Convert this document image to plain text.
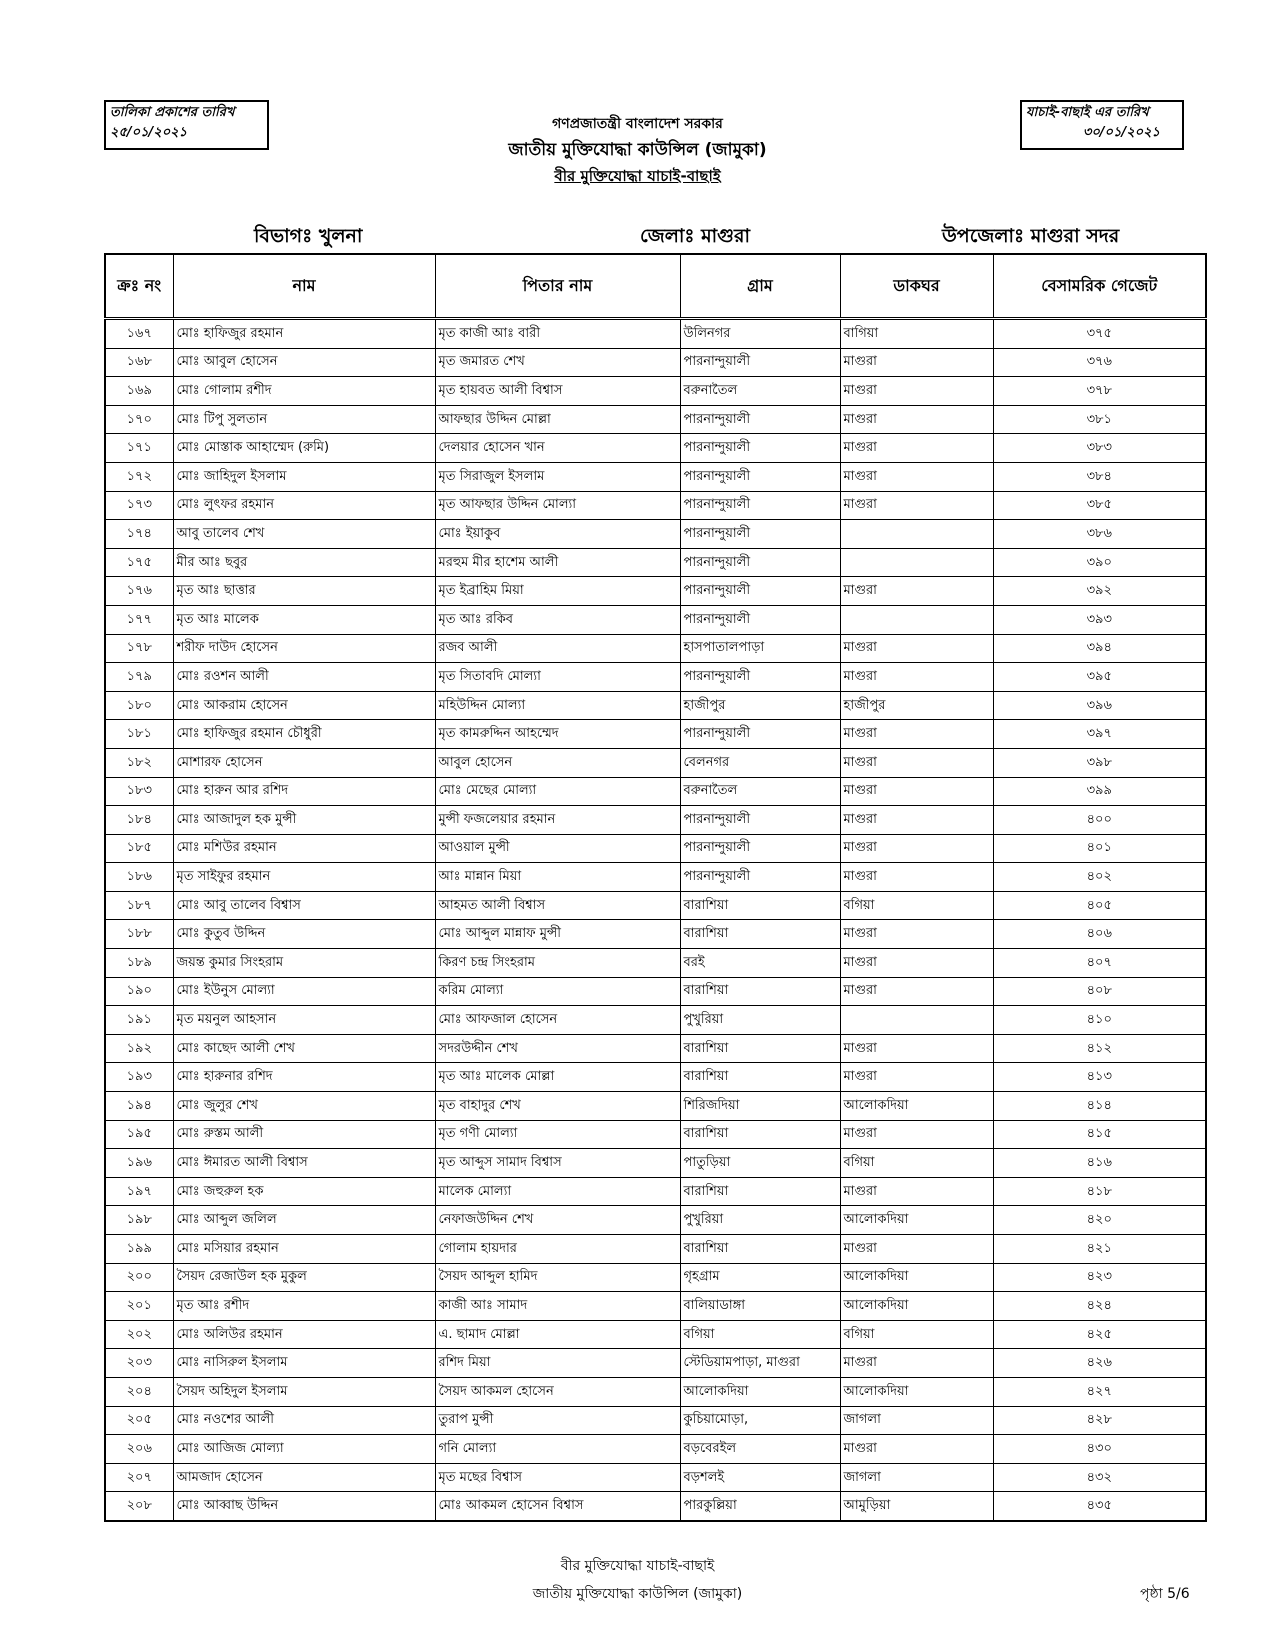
তালিকা প্রকাশের তারিখ
২৫/০১/২০২১
যাচাই-বাছাই এর তারিখ
৩০/০১/২০২১
গণপ্রজাতন্ত্রী বাংলাদেশ সরকার
জাতীয় মুক্তিযোদ্ধা কাউন্সিল (জামুকা)
বীর মুক্তিযোদ্ধা যাচাই-বাছাই
বিভাগঃ খুলনা	জেলাঃ মাগুরা	উপজেলাঃ মাগুরা সদর
ক্রঃ নং	নাম	পিতার নাম	গ্রাম	ডাকঘর	বেসামরিক গেজেট
১৬৭	মোঃ হাফিজুর রহমান	মৃত কাজী আঃ বারী	উলিনগর	বাগিয়া	৩৭৫
১৬৮	মোঃ আবুল হোসেন	মৃত জমারত শেখ	পারনান্দুয়ালী	মাগুরা	৩৭৬
১৬৯	মোঃ গোলাম রশীদ	মৃত হায়বত আলী বিশ্বাস	বরুনাতৈল	মাগুরা	৩৭৮
১৭০	মোঃ টিপু সুলতান	আফছার উদ্দিন মোল্লা	পারনান্দুয়ালী	মাগুরা	৩৮১
১৭১	মোঃ মোস্তাক আহাম্মেদ (রুমি)	দেলয়ার হোসেন খান	পারনান্দুয়ালী	মাগুরা	৩৮৩
১৭২	মোঃ জাহিদুল ইসলাম	মৃত সিরাজুল ইসলাম	পারনান্দুয়ালী	মাগুরা	৩৮৪
১৭৩	মোঃ লুৎফর রহমান	মৃত আফছার উদ্দিন মোল্যা	পারনান্দুয়ালী	মাগুরা	৩৮৫
১৭৪	আবু তালেব শেখ	মোঃ ইয়াকুব	পারনান্দুয়ালী		৩৮৬
১৭৫	মীর আঃ ছবুর	মরহুম মীর হাশেম আলী	পারনান্দুয়ালী		৩৯০
১৭৬	মৃত আঃ ছাত্তার	মৃত ইব্রাহিম মিয়া	পারনান্দুয়ালী	মাগুরা	৩৯২
১৭৭	মৃত আঃ মালেক	মৃত আঃ রকিব	পারনান্দুয়ালী		৩৯৩
১৭৮	শরীফ দাউদ হোসেন	রজব আলী	হাসপাতালপাড়া	মাগুরা	৩৯৪
১৭৯	মোঃ রওশন আলী	মৃত সিতাবদি মোল্যা	পারনান্দুয়ালী	মাগুরা	৩৯৫
১৮০	মোঃ আকরাম হোসেন	মহিউদ্দিন মোল্যা	হাজীপুর	হাজীপুর	৩৯৬
১৮১	মোঃ হাফিজুর রহমান চৌধুরী	মৃত কামরুদ্দিন আহম্মেদ	পারনান্দুয়ালী	মাগুরা	৩৯৭
১৮২	মোশারফ হোসেন	আবুল হোসেন	বেলনগর	মাগুরা	৩৯৮
১৮৩	মোঃ হারুন আর রশিদ	মোঃ মেছের মোল্যা	বরুনাতৈল	মাগুরা	৩৯৯
১৮৪	মোঃ আজাদুল হক মুন্সী	মুন্সী ফজলেয়ার রহমান	পারনান্দুয়ালী	মাগুরা	৪০০
১৮৫	মোঃ মশিউর রহমান	আওয়াল মুন্সী	পারনান্দুয়ালী	মাগুরা	৪০১
১৮৬	মৃত সাইফুর রহমান	আঃ মান্নান মিয়া	পারনান্দুয়ালী	মাগুরা	৪০২
১৮৭	মোঃ আবু তালেব বিশ্বাস	আহমত আলী বিশ্বাস	বারাশিয়া	বগিয়া	৪০৫
১৮৮	মোঃ কুতুব উদ্দিন	মোঃ আব্দুল মান্নাফ মুন্সী	বারাশিয়া	মাগুরা	৪০৬
১৮৯	জয়ন্ত কুমার সিংহরাম	কিরণ চন্দ্র সিংহরাম	বরই	মাগুরা	৪০৭
১৯০	মোঃ ইউনুস মোল্যা	করিম মোল্যা	বারাশিয়া	মাগুরা	৪০৮
১৯১	মৃত ময়নুল আহসান	মোঃ আফজাল হোসেন	পুখুরিয়া		৪১০
১৯২	মোঃ কাছেদ আলী শেখ	সদরউদ্দীন শেখ	বারাশিয়া	মাগুরা	৪১২
১৯৩	মোঃ হারুনার রশিদ	মৃত আঃ মালেক মোল্লা	বারাশিয়া	মাগুরা	৪১৩
১৯৪	মোঃ জুলুর শেখ	মৃত বাহাদুর শেখ	শিরিজদিয়া	আলোকদিয়া	৪১৪
১৯৫	মোঃ রুস্তম আলী	মৃত গণী মোল্যা	বারাশিয়া	মাগুরা	৪১৫
১৯৬	মোঃ ঈমারত আলী বিশ্বাস	মৃত আব্দুস সামাদ বিশ্বাস	পাতুড়িয়া	বগিয়া	৪১৬
১৯৭	মোঃ জহুরুল হক	মালেক মোল্যা	বারাশিয়া	মাগুরা	৪১৮
১৯৮	মোঃ আব্দুল জলিল	নেফাজউদ্দিন শেখ	পুখুরিয়া	আলোকদিয়া	৪২০
১৯৯	মোঃ মসিয়ার রহমান	গোলাম হায়দার	বারাশিয়া	মাগুরা	৪২১
২০০	সৈয়দ রেজাউল হক মুকুল	সৈয়দ আব্দুল হামিদ	গৃহগ্রাম	আলোকদিয়া	৪২৩
২০১	মৃত আঃ রশীদ	কাজী আঃ সামাদ	বালিয়াডাঙ্গা	আলোকদিয়া	৪২৪
২০২	মোঃ অলিউর রহমান	এ. ছামাদ মোল্লা	বগিয়া	বগিয়া	৪২৫
২০৩	মোঃ নাসিরুল ইসলাম	রশিদ মিয়া	স্টেডিয়ামপাড়া, মাগুরা	মাগুরা	৪২৬
২০৪	সৈয়দ অহিদুল ইসলাম	সৈয়দ আকমল হোসেন	আলোকদিয়া	আলোকদিয়া	৪২৭
২০৫	মোঃ নওশের আলী	তুরাপ মুন্সী	কুচিয়ামোড়া,	জাগলা	৪২৮
২০৬	মোঃ আজিজ মোল্যা	গনি মোল্যা	বড়বেরইল	মাগুরা	৪৩০
২০৭	আমজাদ হোসেন	মৃত মছের বিশ্বাস	বড়শলই	জাগলা	৪৩২
২০৮	মোঃ আব্বাছ উদ্দিন	মোঃ আকমল হোসেন বিশ্বাস	পারকুল্লিয়া	আমুড়িয়া	৪৩৫
বীর মুক্তিযোদ্ধা যাচাই-বাছাই
জাতীয় মুক্তিযোদ্ধা কাউন্সিল (জামুকা)	পৃষ্ঠা 5/6
